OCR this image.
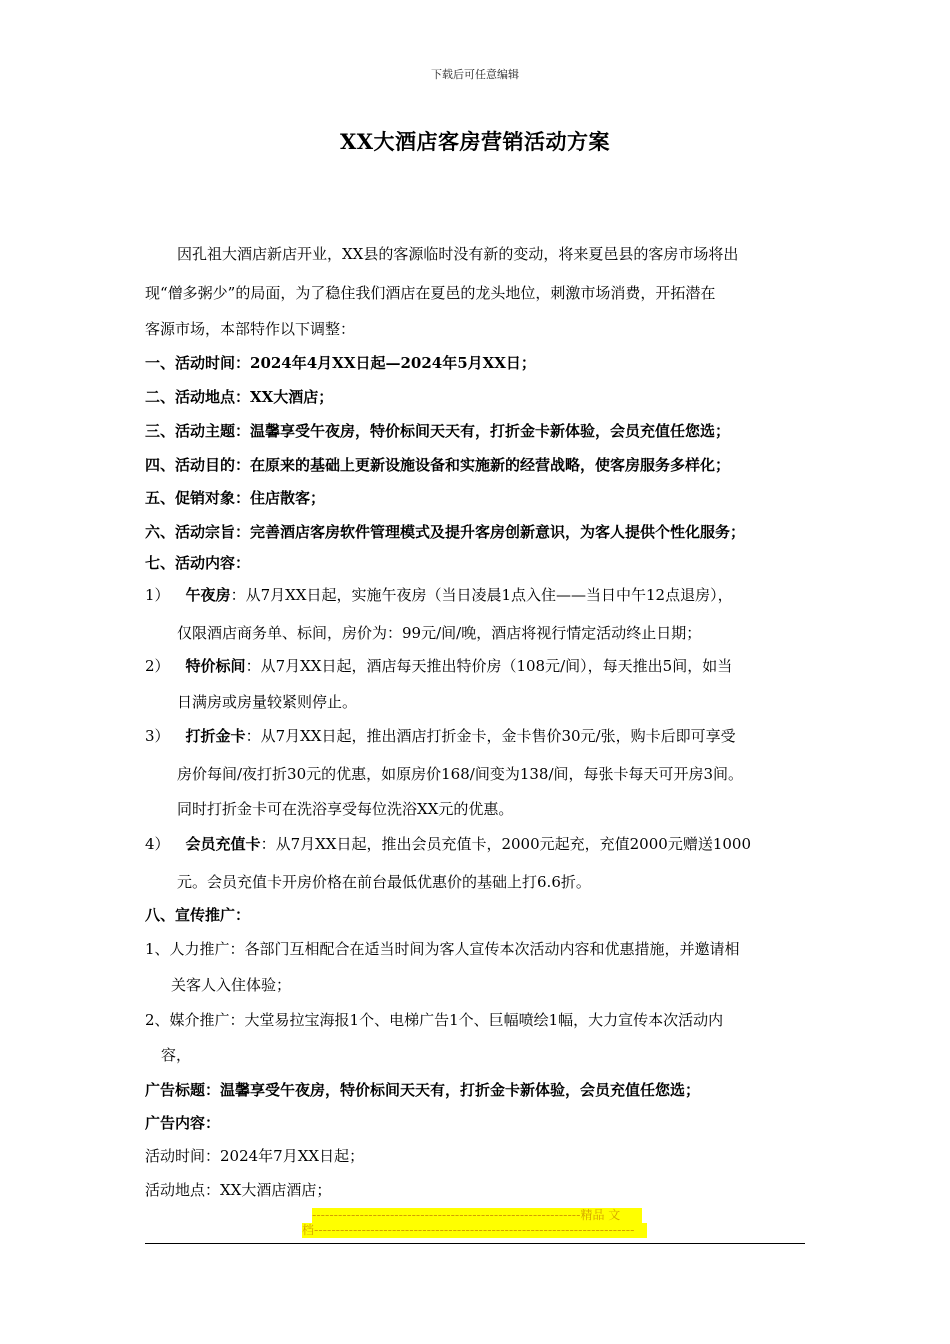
下载后可任意编辑
XX大酒店客房营销活动方案
因孔祖大酒店新店开业，XX县的客源临时没有新的变动，将来夏邑县的客房市场将出
现“僧多粥少”的局面，为了稳住我们酒店在夏邑的龙头地位，刺激市场消费，开拓潜在
客源市场，本部特作以下调整：
一、活动时间：2024年4月XX日起—2024年5月XX日；
二、活动地点：XX大酒店；
三、活动主题：温馨享受午夜房，特价标间天天有，打折金卡新体验，会员充值任您选；
四、活动目的：在原来的基础上更新设施设备和实施新的经营战略，使客房服务多样化；
五、促销对象：住店散客；
六、活动宗旨：完善酒店客房软件管理模式及提升客房创新意识，为客人提供个性化服务；
七、活动内容：
1） 午夜房：从7月XX日起，实施午夜房（当日凌晨1点入住——当日中午12点退房），
仅限酒店商务单、标间，房价为：99元/间/晚，酒店将视行情定活动终止日期；
2） 特价标间：从7月XX日起，酒店每天推出特价房（108元/间），每天推出5间，如当
日满房或房量较紧则停止。
3） 打折金卡：从7月XX日起，推出酒店打折金卡，金卡售价30元/张，购卡后即可享受
房价每间/夜打折30元的优惠，如原房价168/间变为138/间，每张卡每天可开房3间。
同时打折金卡可在洗浴享受每位洗浴XX元的优惠。
4） 会员充值卡：从7月XX日起，推出会员充值卡，2000元起充，充值2000元赠送1000
元。会员充值卡开房价格在前台最低优惠价的基础上打6.6折。
八、宣传推广：
1、人力推广：各部门互相配合在适当时间为客人宣传本次活动内容和优惠措施，并邀请相
关客人入住体验；
2、媒介推广：大堂易拉宝海报1个、电梯广告1个、巨幅喷绘1幅，大力宣传本次活动内
容，
广告标题：温馨享受午夜房，特价标间天天有，打折金卡新体验，会员充值任您选；
广告内容：
活动时间：2024年7月XX日起；
活动地点：XX大酒店酒店；
--------------------------------------------------------------精品 文
档--------------------------------------------------------------------------
